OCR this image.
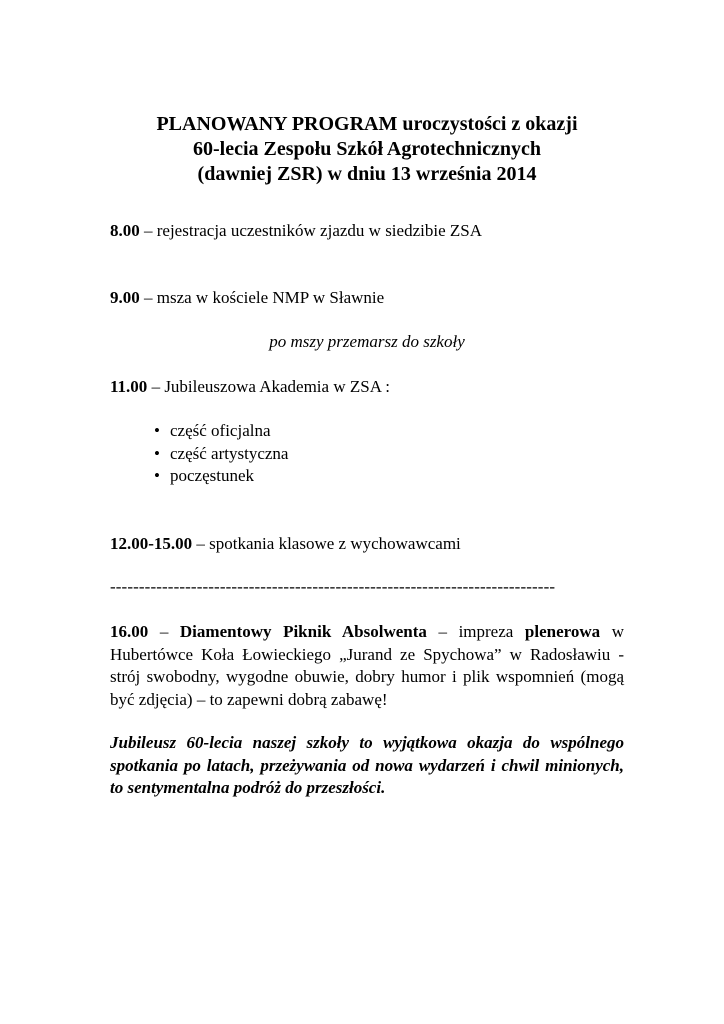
PLANOWANY PROGRAM uroczystości z okazji
60-lecia Zespołu Szkół Agrotechnicznych
(dawniej ZSR) w dniu 13 września 2014
8.00 – rejestracja uczestników zjazdu w siedzibie ZSA
9.00 – msza w kościele NMP w Sławnie
po mszy przemarsz do szkoły
11.00 – Jubileuszowa Akademia w ZSA :
• część oficjalna
• część artystyczna
• poczęstunek
12.00-15.00 – spotkania klasowe z wychowawcami
-----------------------------------------------------------------------------
16.00 – Diamentowy Piknik Absolwenta – impreza plenerowa w Hubertówce Koła Łowieckiego „Jurand ze Spychowa” w Radosławiu - strój swobodny, wygodne obuwie, dobry humor i plik wspomnień (mogą być zdjęcia) – to zapewni dobrą zabawę!
Jubileusz 60-lecia naszej szkoły to wyjątkowa okazja do wspólnego spotkania po latach, przeżywania od nowa wydarzeń i chwil minionych, to sentymentalna podróż do przeszłości.
